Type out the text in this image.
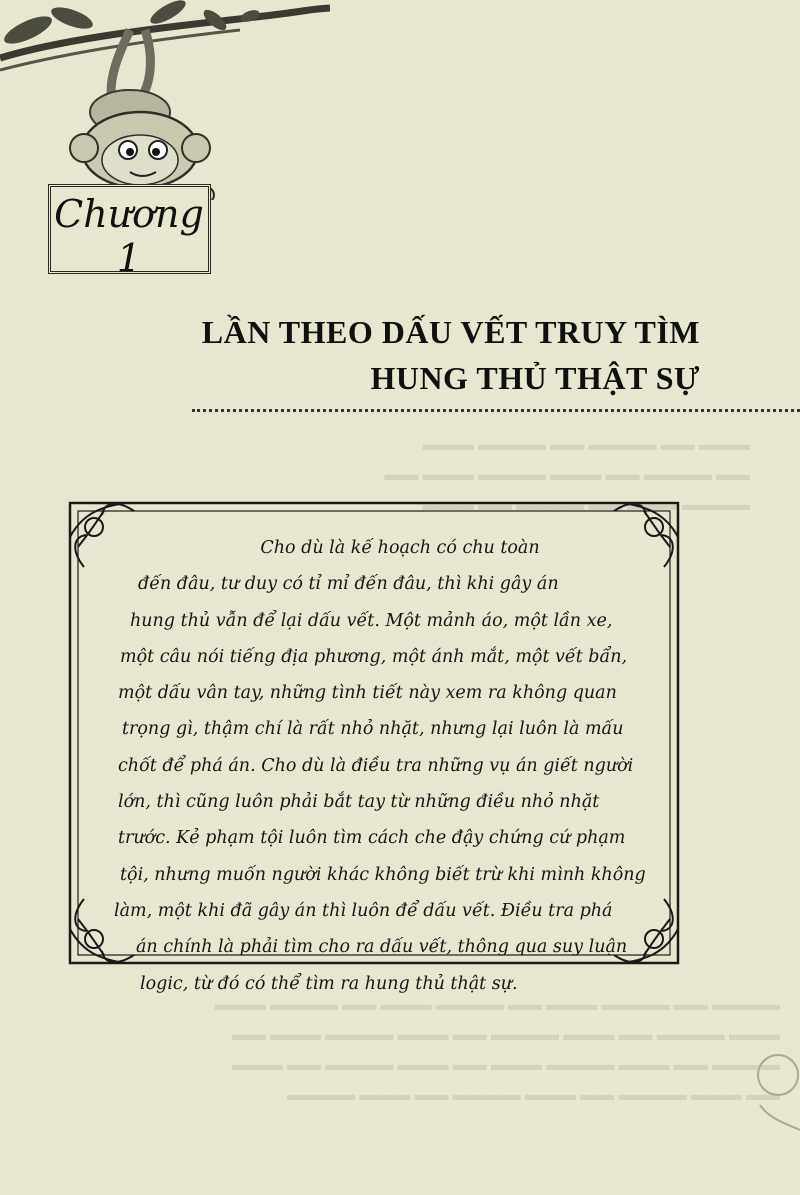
▬▬▬ ▬▬ ▬▬▬▬ ▬▬ ▬▬▬▬ ▬▬▬
▬▬ ▬▬▬▬ ▬▬ ▬▬▬ ▬▬▬▬ ▬▬▬ ▬▬
▬▬▬▬ ▬▬▬ ▬▬ ▬▬▬▬ ▬▬ ▬▬▬
▬▬▬▬ ▬▬ ▬▬▬▬ ▬▬▬ ▬▬ ▬▬▬▬ ▬▬▬ ▬▬ ▬▬▬▬ ▬▬▬
▬▬▬ ▬▬▬▬ ▬▬ ▬▬▬ ▬▬▬▬ ▬▬ ▬▬▬ ▬▬▬▬ ▬▬▬ ▬▬
▬▬▬▬ ▬▬ ▬▬▬ ▬▬▬▬ ▬▬▬ ▬▬ ▬▬▬ ▬▬▬▬ ▬▬ ▬▬▬
▬▬ ▬▬▬ ▬▬▬▬ ▬▬ ▬▬▬ ▬▬▬▬ ▬▬ ▬▬▬ ▬▬▬▬
Chương 1
LẦN THEO DẤU VẾT TRUY TÌM
HUNG THỦ THẬT SỰ
Cho dù là kế hoạch có chu toàn
đến đâu, tư duy có tỉ mỉ đến đâu, thì khi gây án
hung thủ vẫn để lại dấu vết. Một mảnh áo, một lần xe,
một câu nói tiếng địa phương, một ánh mắt, một vết bẩn,
một dấu vân tay, những tình tiết này xem ra không quan
trọng gì, thậm chí là rất nhỏ nhặt, nhưng lại luôn là mấu
chốt để phá án. Cho dù là điều tra những vụ án giết người
lớn, thì cũng luôn phải bắt tay từ những điều nhỏ nhặt
trước. Kẻ phạm tội luôn tìm cách che đậy chứng cứ phạm
tội, nhưng muốn người khác không biết trừ khi mình không
làm, một khi đã gây án thì luôn để dấu vết. Điều tra phá
án chính là phải tìm cho ra dấu vết, thông qua suy luận
logic, từ đó có thể tìm ra hung thủ thật sự.
